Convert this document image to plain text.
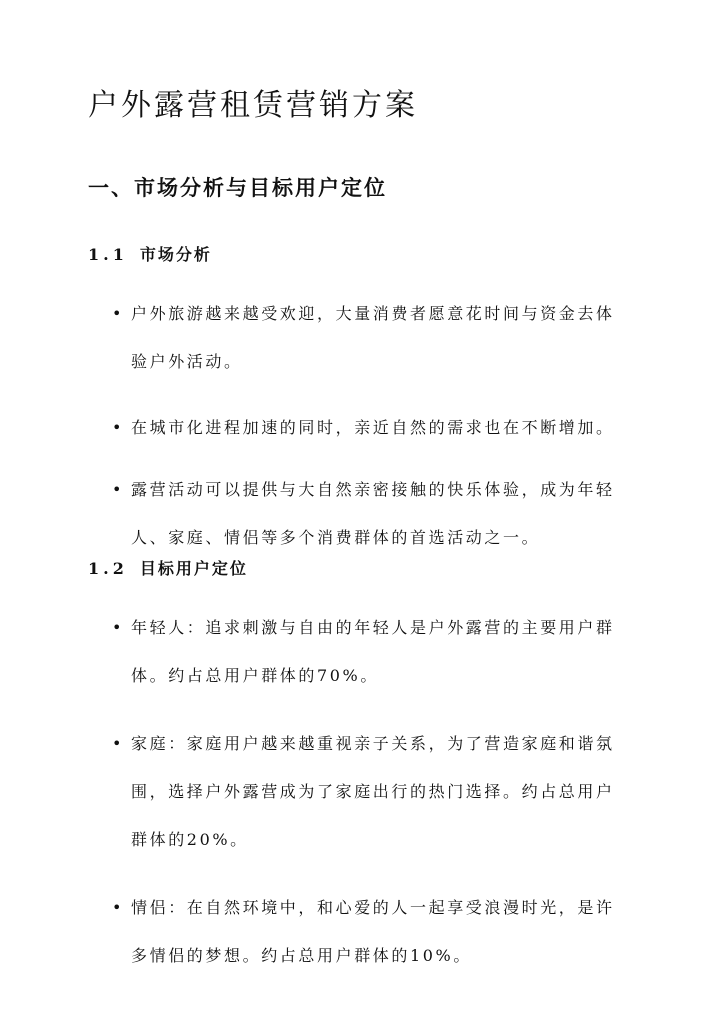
户外露营租赁营销方案
一、市场分析与目标用户定位
1.1 市场分析
• 户外旅游越来越受欢迎，大量消费者愿意花时间与资金去体验户外活动。
• 在城市化进程加速的同时，亲近自然的需求也在不断增加。
• 露营活动可以提供与大自然亲密接触的快乐体验，成为年轻人、家庭、情侣等多个消费群体的首选活动之一。
1.2 目标用户定位
• 年轻人：追求刺激与自由的年轻人是户外露营的主要用户群体。约占总用户群体的70%。
• 家庭：家庭用户越来越重视亲子关系，为了营造家庭和谐氛围，选择户外露营成为了家庭出行的热门选择。约占总用户群体的20%。
• 情侣：在自然环境中，和心爱的人一起享受浪漫时光，是许多情侣的梦想。约占总用户群体的10%。
